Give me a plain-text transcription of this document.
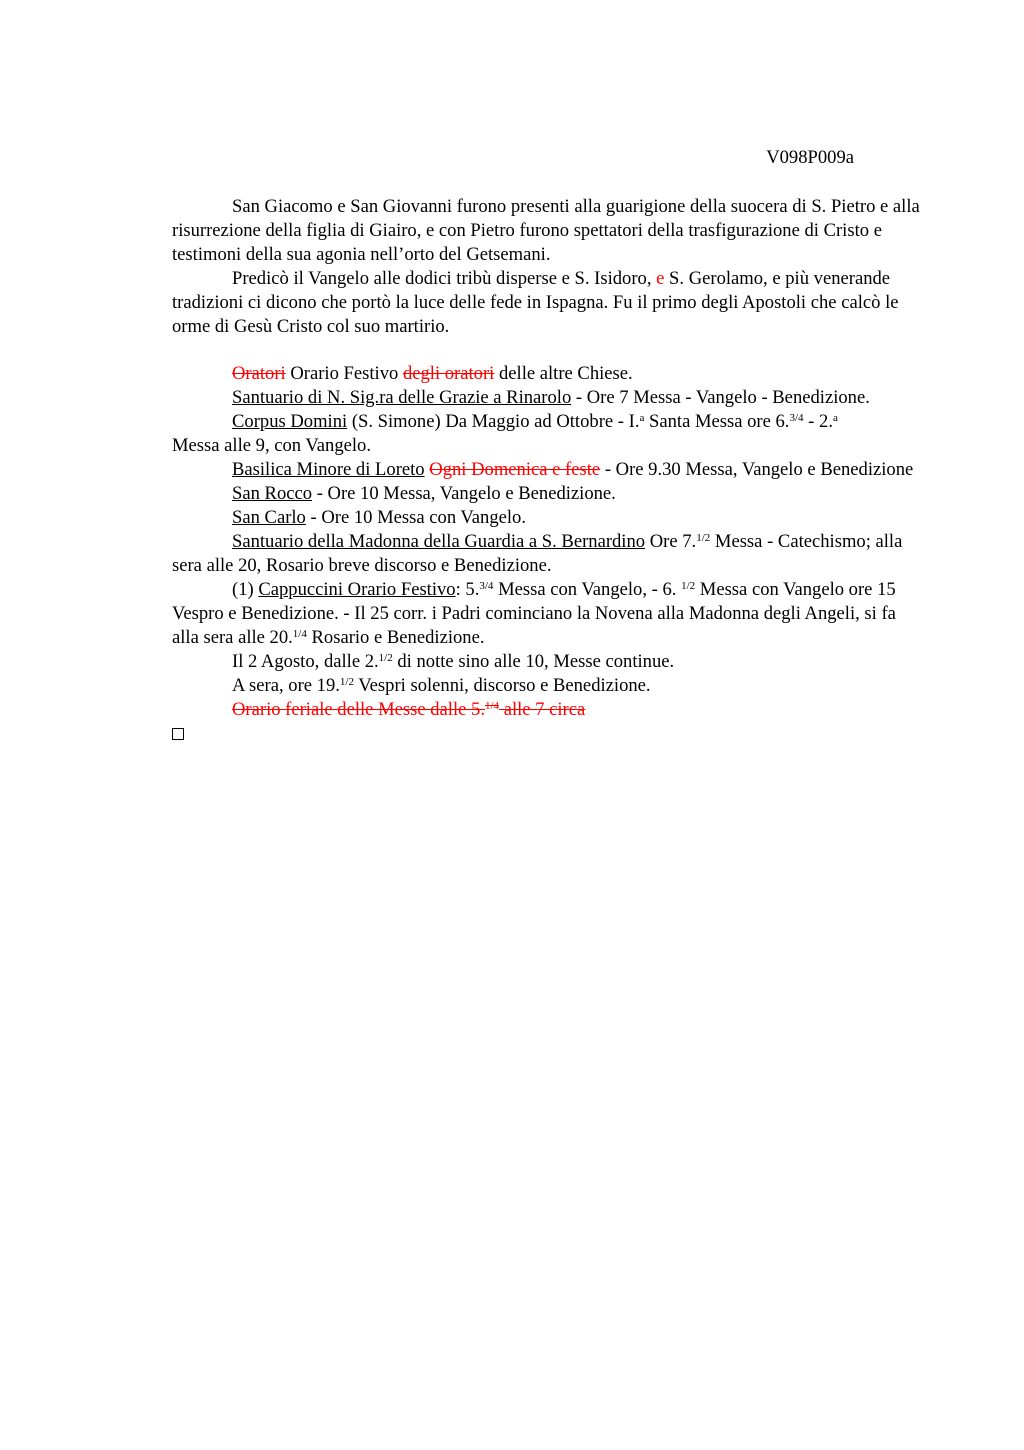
V098P009a

San Giacomo e San Giovanni furono presenti alla guarigione della suocera di S. Pietro e alla risurrezione della figlia di Giairo, e con Pietro furono spettatori della trasfigurazione di Cristo e testimoni della sua agonia nell’orto del Getsemani.

Predicò il Vangelo alle dodici tribù disperse e S. Isidoro, e S. Gerolamo, e più venerande tradizioni ci dicono che portò la luce delle fede in Ispagna. Fu il primo degli Apostoli che calcò le orme di Gesù Cristo col suo martirio.

Oratori Orario Festivo degli oratori delle altre Chiese.

Santuario di N. Sig.ra delle Grazie a Rinarolo - Ore 7 Messa - Vangelo - Benedizione.

Corpus Domini (S. Simone) Da Maggio ad Ottobre - I.$^a$ Santa Messa ore 6.$^{3/4}$ - 2.$^a$
Messa alle 9, con Vangelo.

Basilica Minore di Loreto Ogni Domenica e feste - Ore 9.30 Messa, Vangelo e Benedizione

San Rocco - Ore 10 Messa, Vangelo e Benedizione.

San Carlo - Ore 10 Messa con Vangelo.

Santuario della Madonna della Guardia a S. Bernardino Ore 7.$^{1/2}$ Messa - Catechismo; alla sera alle 20, Rosario breve discorso e Benedizione.

(1) Cappuccini Orario Festivo: 5.$^{3/4}$ Messa con Vangelo, - 6. $^{1/2}$ Messa con Vangelo ore 15 Vespro e Benedizione. - Il 25 corr. i Padri cominciano la Novena alla Madonna degli Angeli, si fa alla sera alle 20.$^{1/4}$ Rosario e Benedizione.

Il 2 Agosto, dalle 2.$^{1/2}$ di notte sino alle 10, Messe continue.

A sera, ore 19.$^{1/2}$ Vespri solenni, discorso e Benedizione.

Orario feriale delle Messe dalle 5.$^{1/4}$ alle 7 circa
